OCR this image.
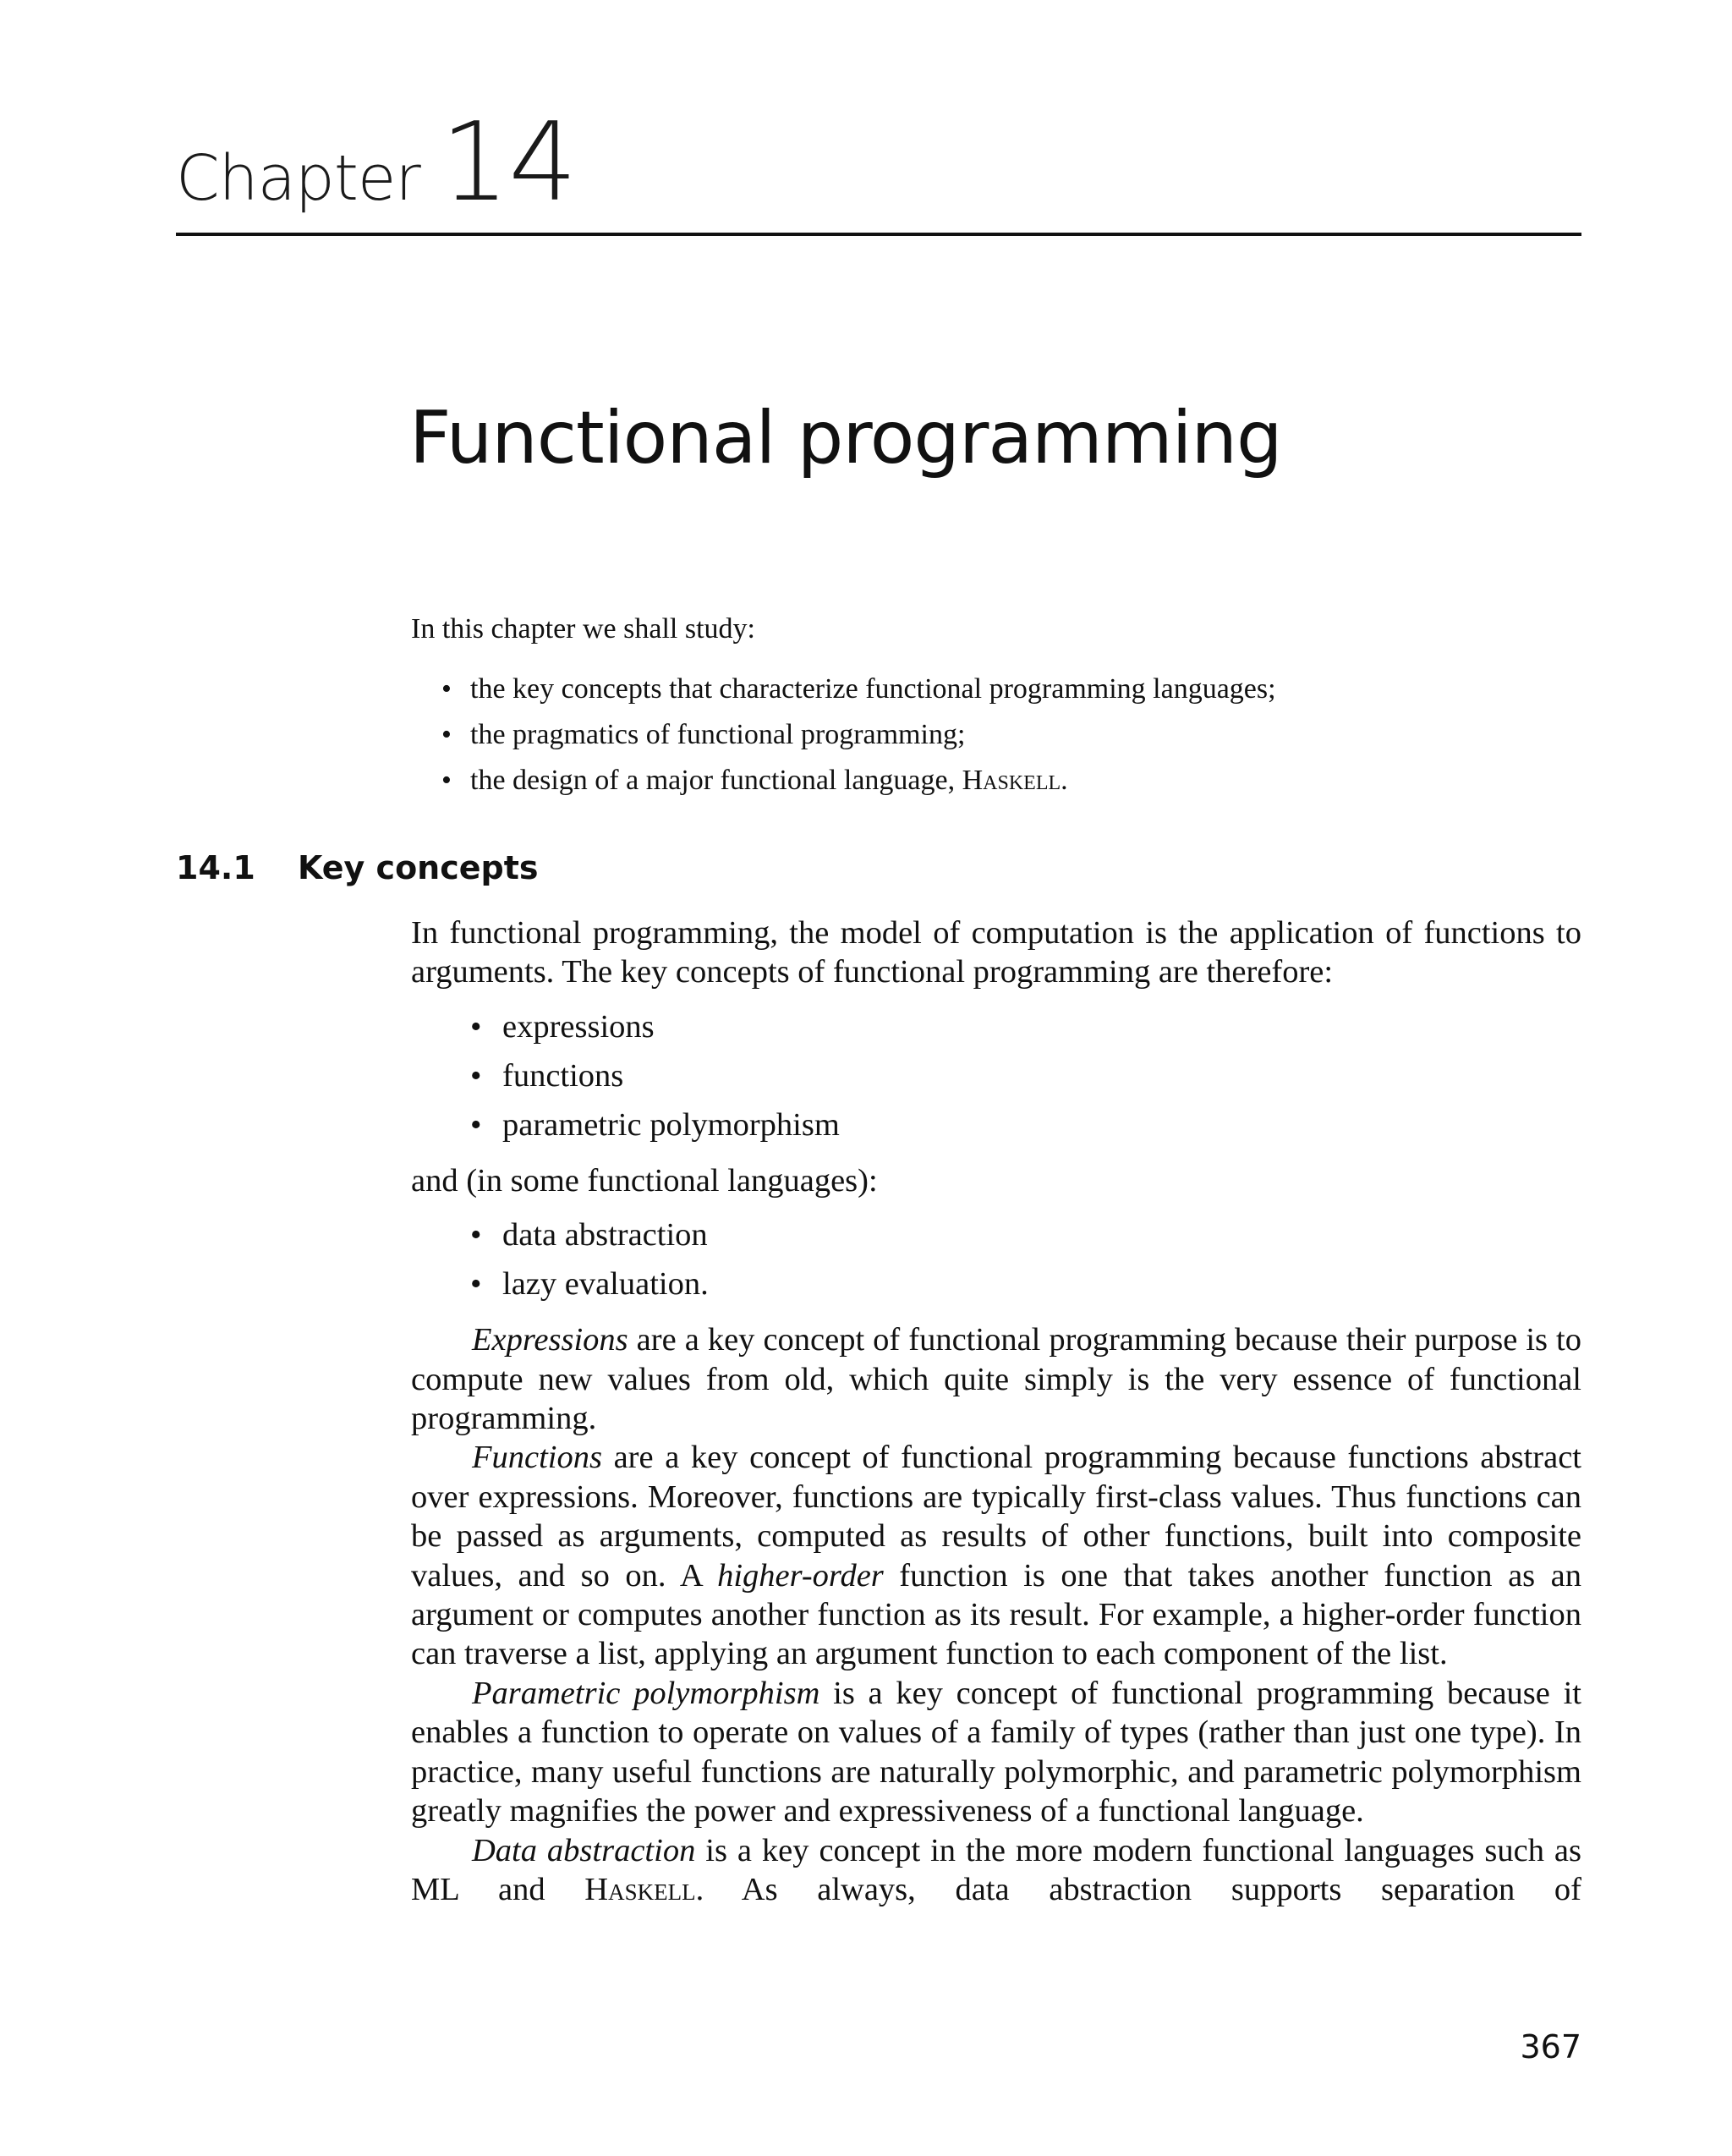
Chapter 14
Functional programming

In this chapter we shall study:

• the key concepts that characterize functional programming languages;
• the pragmatics of functional programming;
• the design of a major functional language, Haskell.
14.1 Key concepts

In functional programming, the model of computation is the application of functions to arguments. The key concepts of functional programming are therefore:

• expressions
• functions
• parametric polymorphism

and (in some functional languages):

• data abstraction
• lazy evaluation.

Expressions are a key concept of functional programming because their purpose is to compute new values from old, which quite simply is the very essence of functional programming.

Functions are a key concept of functional programming because functions abstract over expressions. Moreover, functions are typically first-class values. Thus functions can be passed as arguments, computed as results of other functions, built into composite values, and so on. A higher-order function is one that takes another function as an argument or computes another function as its result. For example, a higher-order function can traverse a list, applying an argument function to each component of the list.

Parametric polymorphism is a key concept of functional programming because it enables a function to operate on values of a family of types (rather than just one type). In practice, many useful functions are naturally polymorphic, and parametric polymorphism greatly magnifies the power and expressiveness of a functional language.

Data abstraction is a key concept in the more modern functional languages such as ML and Haskell. As always, data abstraction supports separation of

367
